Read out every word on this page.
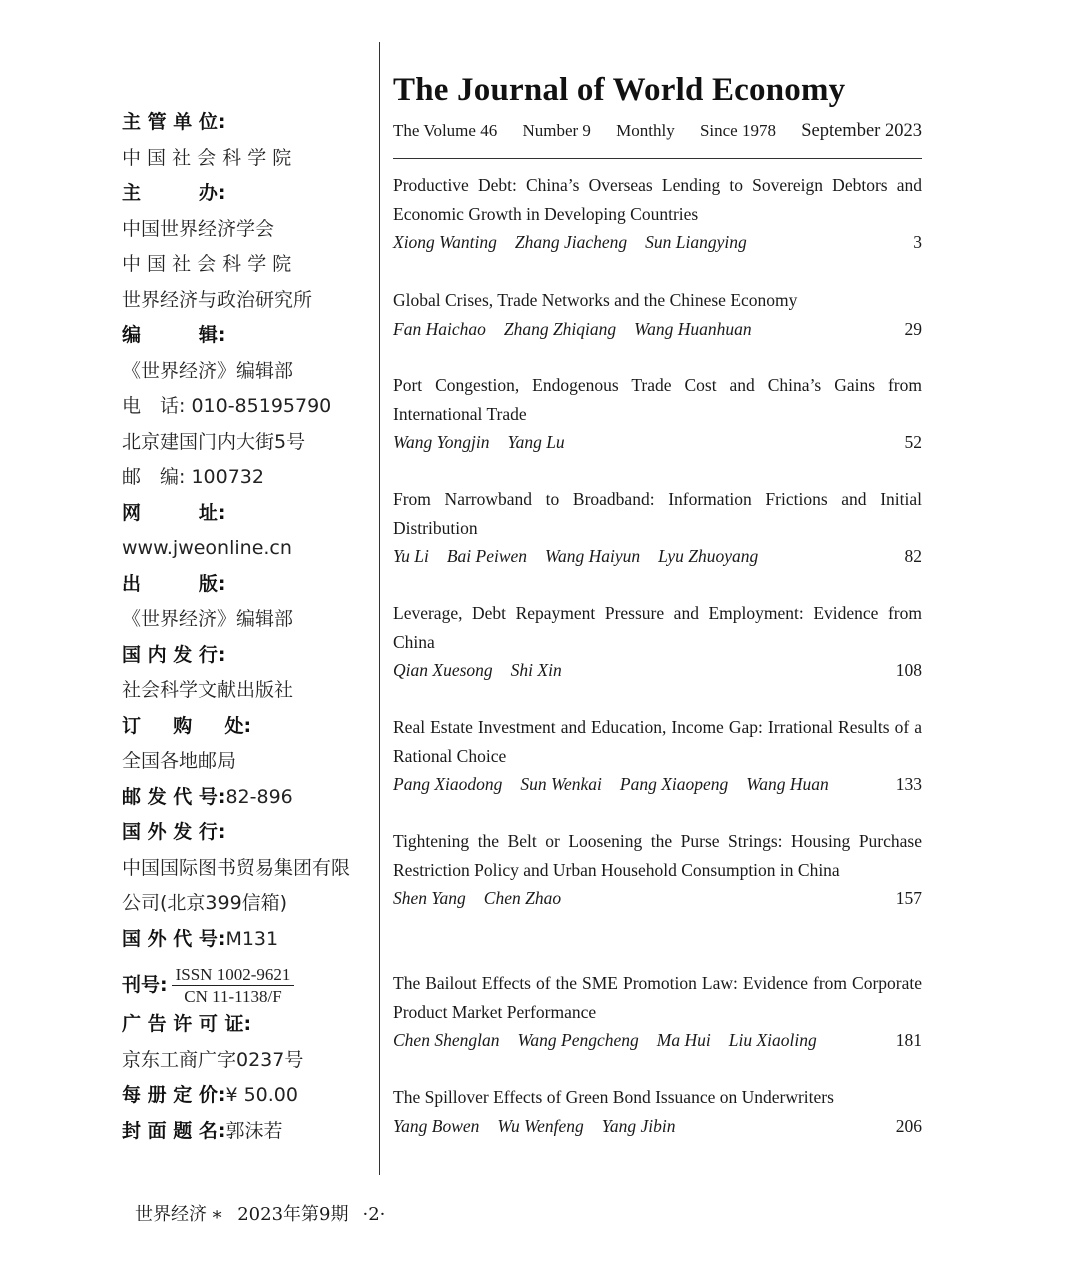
主 管 单 位:
中 国 社 会 科 学 院
主 　 　 办:
中国世界经济学会
中 国 社 会 科 学 院
世界经济与政治研究所
编 　 　 辑:
《世界经济》编辑部
电　话: 010-85195790
北京建国门内大街5号
邮　编: 100732
网 　 　 址:
www.jweonline.cn
出 　 　 版:
《世界经济》编辑部
国 内 发 行:
社会科学文献出版社
订 　 购 　 处:
全国各地邮局
邮 发 代 号:82-896
国 外 发 行:
中国国际图书贸易集团有限
公司(北京399信箱)
国 外 代 号:M131
刊号: $\frac{\text{ISSN 1002-9621}}{CN 11-1138/F}$
广 告 许 可 证:
京东工商广字0237号
每 册 定 价:¥ 50.00
封 面 题 名:郭沫若
The Journal of World Economy
The Volume 46 Number 9 Monthly Since 1978 September 2023
Productive Debt: China’s Overseas Lending to Sovereign Debtors and Economic Growth in Developing Countries
Xiong Wanting Zhang Jiacheng Sun Liangying	3
Global Crises, Trade Networks and the Chinese Economy
Fan Haichao Zhang Zhiqiang Wang Huanhuan	29
Port Congestion, Endogenous Trade Cost and China’s Gains from International Trade
Wang Yongjin Yang Lu	52
From Narrowband to Broadband: Information Frictions and Initial Distribution
Yu Li Bai Peiwen Wang Haiyun Lyu Zhuoyang	82
Leverage, Debt Repayment Pressure and Employment: Evidence from China
Qian Xuesong Shi Xin	108
Real Estate Investment and Education, Income Gap: Irrational Results of a Rational Choice
Pang Xiaodong Sun Wenkai Pang Xiaopeng Wang Huan	133
Tightening the Belt or Loosening the Purse Strings: Housing Purchase Restriction Policy and Urban Household Consumption in China
Shen Yang Chen Zhao	157
The Bailout Effects of the SME Promotion Law: Evidence from Corporate Product Market Performance
Chen Shenglan Wang Pengcheng Ma Hui Liu Xiaoling	181
The Spillover Effects of Green Bond Issuance on Underwriters
Yang Bowen Wu Wenfeng Yang Jibin	206
世界经济 ∗ 2023年第9期 ·2·
